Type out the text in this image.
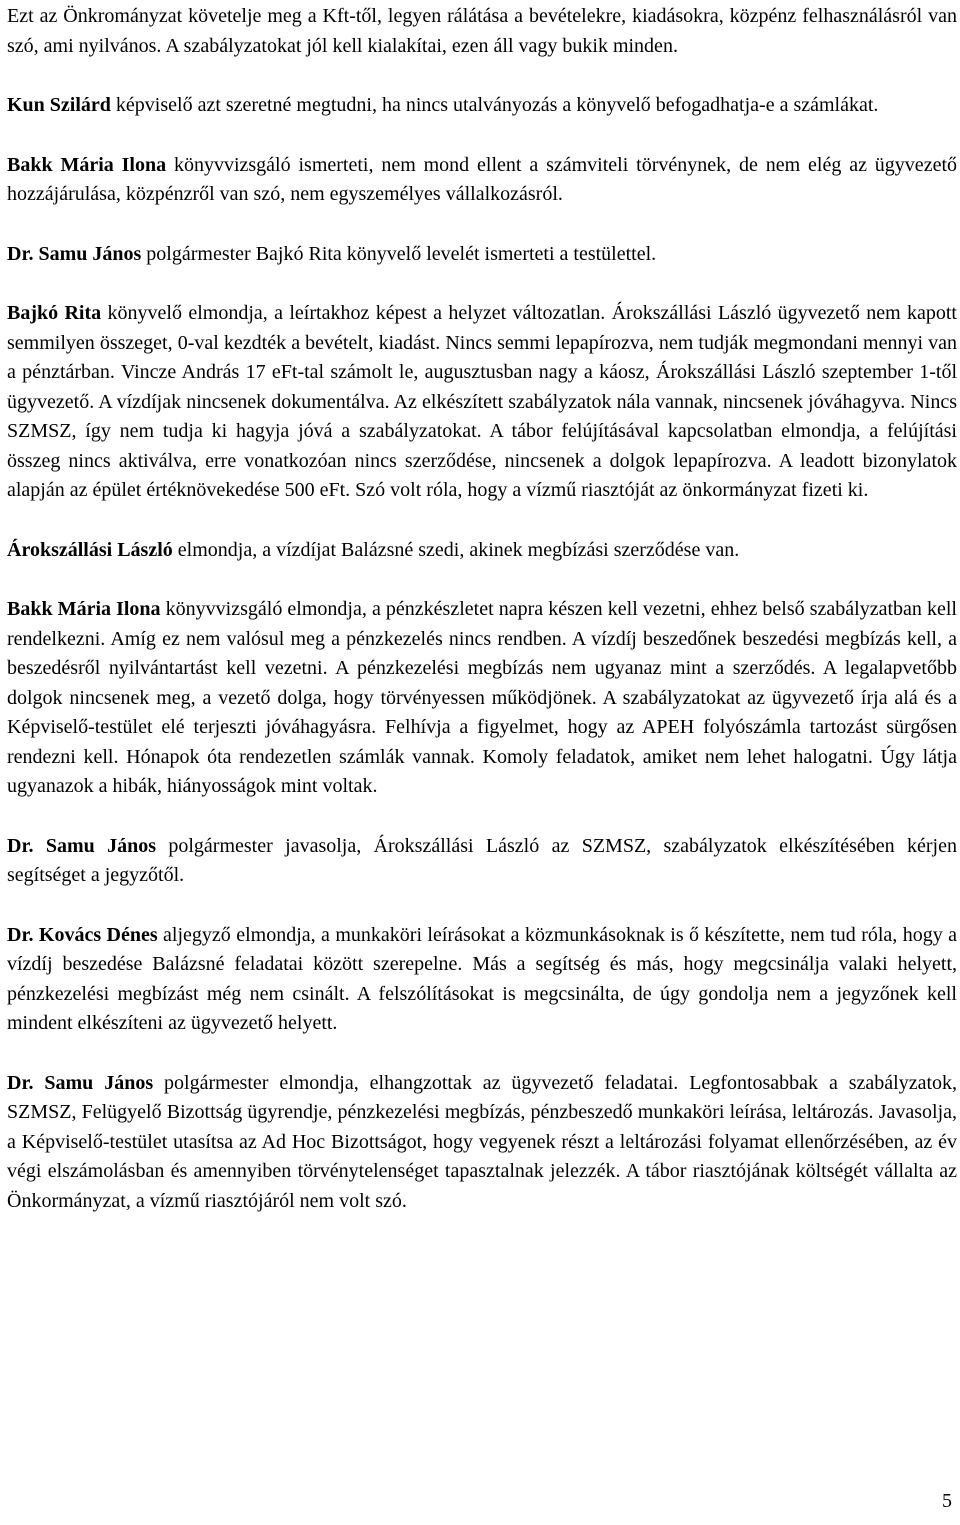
Ezt az Önkrományzat követelje meg a Kft-től, legyen rálátása a bevételekre, kiadásokra, közpénz felhasználásról van szó, ami nyilvános. A szabályzatokat jól kell kialakítai, ezen áll vagy bukik minden.

Kun Szilárd képviselő azt szeretné megtudni, ha nincs utalványozás a könyvelő befogadhatja-e a számlákat.

Bakk Mária Ilona könyvvizsgáló ismerteti, nem mond ellent a számviteli törvénynek, de nem elég az ügyvezető hozzájárulása, közpénzről van szó, nem egyszemélyes vállalkozásról.

Dr. Samu János polgármester Bajkó Rita könyvelő levelét ismerteti a testülettel.

Bajkó Rita könyvelő elmondja, a leírtakhoz képest a helyzet változatlan. Árokszállási László ügyvezető nem kapott semmilyen összeget, 0-val kezdték a bevételt, kiadást. Nincs semmi lepapírozva, nem tudják megmondani mennyi van a pénztárban. Vincze András 17 eFt-tal számolt le, augusztusban nagy a káosz, Árokszállási László szeptember 1-től ügyvezető. A vízdíjak nincsenek dokumentálva. Az elkészített szabályzatok nála vannak, nincsenek jóváhagyva. Nincs SZMSZ, így nem tudja ki hagyja jóvá a szabályzatokat. A tábor felújításával kapcsolatban elmondja, a felújítási összeg nincs aktiválva, erre vonatkozóan nincs szerződése, nincsenek a dolgok lepapírozva. A leadott bizonylatok alapján az épület értéknövekedése 500 eFt. Szó volt róla, hogy a vízmű riasztóját az önkormányzat fizeti ki.

Árokszállási László elmondja, a vízdíjat Balázsné szedi, akinek megbízási szerződése van.

Bakk Mária Ilona könyvvizsgáló elmondja, a pénzkészletet napra készen kell vezetni, ehhez belső szabályzatban kell rendelkezni. Amíg ez nem valósul meg a pénzkezelés nincs rendben. A vízdíj beszedőnek beszedési megbízás kell, a beszedésről nyilvántartást kell vezetni. A pénzkezelési megbízás nem ugyanaz mint a szerződés. A legalapvetőbb dolgok nincsenek meg, a vezető dolga, hogy törvényessen működjönek. A szabályzatokat az ügyvezető írja alá és a Képviselő-testület elé terjeszti jóváhagyásra. Felhívja a figyelmet, hogy az APEH folyószámla tartozást sürgősen rendezni kell. Hónapok óta rendezetlen számlák vannak. Komoly feladatok, amiket nem lehet halogatni. Úgy látja ugyanazok a hibák, hiányosságok mint voltak.

Dr. Samu János polgármester javasolja, Árokszállási László az SZMSZ, szabályzatok elkészítésében kérjen segítséget a jegyzőtől.

Dr. Kovács Dénes aljegyző elmondja, a munkaköri leírásokat a közmunkásoknak is ő készítette, nem tud róla, hogy a vízdíj beszedése Balázsné feladatai között szerepelne. Más a segítség és más, hogy megcsinálja valaki helyett, pénzkezelési megbízást még nem csinált. A felszólításokat is megcsinálta, de úgy gondolja nem a jegyzőnek kell mindent elkészíteni az ügyvezető helyett.

Dr. Samu János polgármester elmondja, elhangzottak az ügyvezető feladatai. Legfontosabbak a szabályzatok, SZMSZ, Felügyelő Bizottság ügyrendje, pénzkezelési megbízás, pénzbeszedő munkaköri leírása, leltározás. Javasolja, a Képviselő-testület utasítsa az Ad Hoc Bizottságot, hogy vegyenek részt a leltározási folyamat ellenőrzésében, az év végi elszámolásban és amennyiben törvénytelenséget tapasztalnak jelezzék. A tábor riasztójának költségét vállalta az Önkormányzat, a vízmű riasztójáról nem volt szó.

5
